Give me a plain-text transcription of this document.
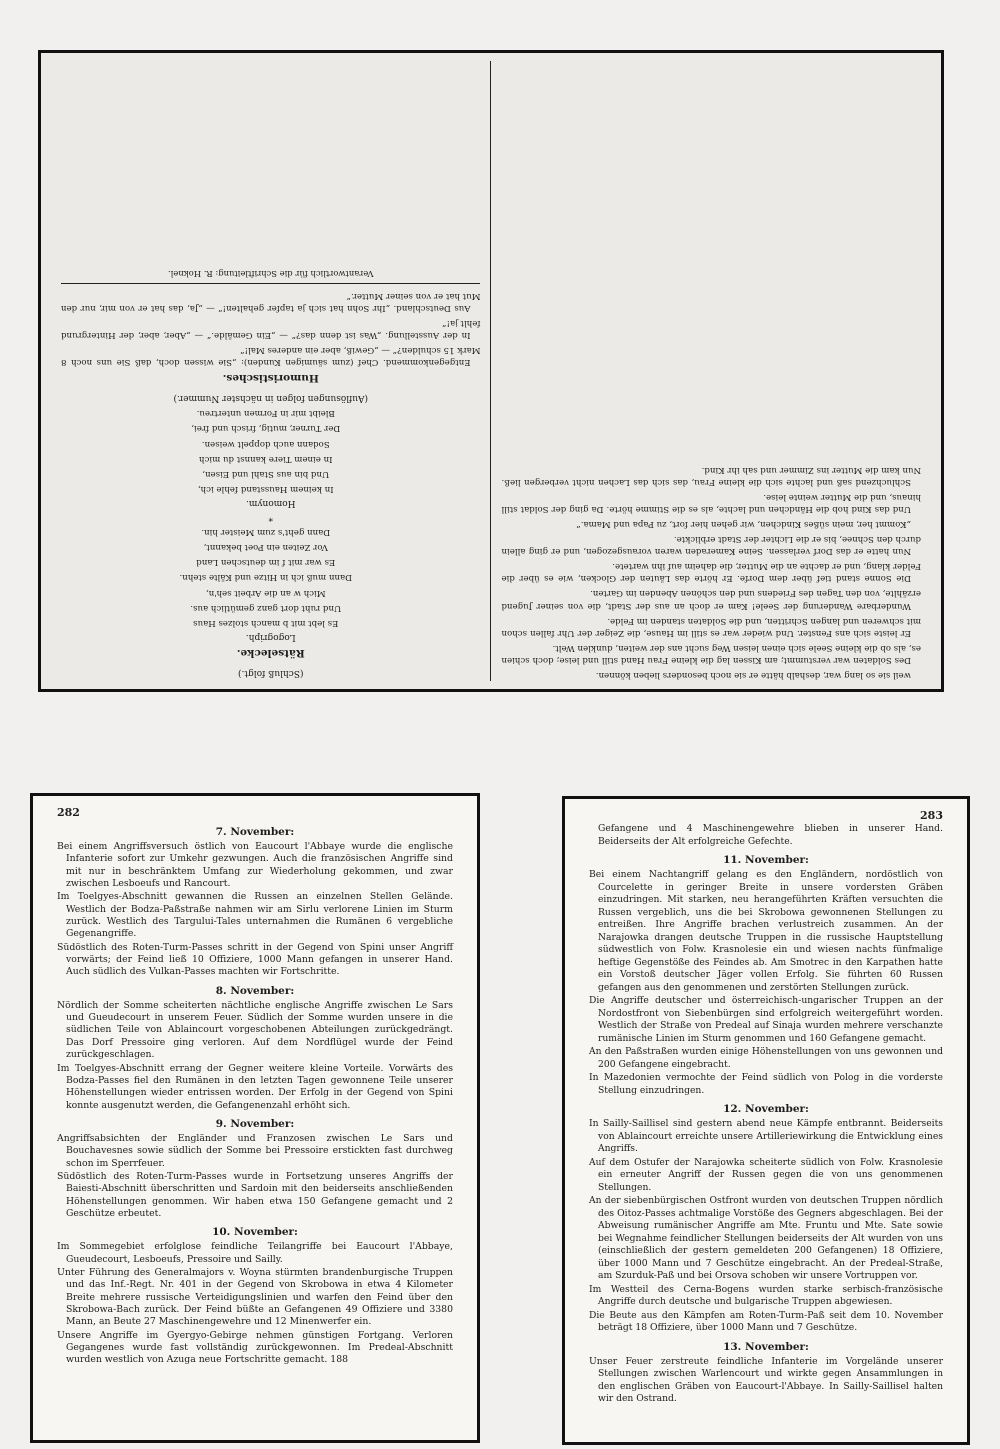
weil sie so lang war, deshalb hätte er sie noch besonders lieben können.

Des Soldaten war verstummt; am Kissen lag die kleine Frau Hand still und leise; doch schien es, als ob die kleine Seele sich einen leisen Weg sucht ans der weiten, dunklen Welt.

Er leiste sich ans Fenster. Und wieder war es still im Hause, die Zeiger der Uhr fallen schon mit schweren und langen Schritten, und die Soldaten standen im Felde.

Wunderbare Wanderung der Seele! Kam er doch an aus der Stadt, die von seiner Jugend erzählte, von den Tagen des Friedens und den schönen Abenden im Garten.

Die Sonne stand tief über dem Dorfe. Er hörte das Läuten der Glocken, wie es über die Felder klang, und er dachte an die Mutter, die daheim auf ihn wartete.

Nun hatte er das Dorf verlassen. Seine Kameraden waren vorausgezogen, und er ging allein durch den Schnee, bis er die Lichter der Stadt erblickte.

„Kommt her, mein süßes Kindchen, wir gehen hier fort, zu Papa und Mama.“

Und das Kind hob die Händchen und lachte, als es die Stimme hörte. Da ging der Soldat still hinaus, und die Mutter weinte leise.

Schluchzend saß und lachte sich die kleine Frau, das sich das Lachen nicht verbergen ließ. Nun kam die Mutter ins Zimmer und sah ihr Kind.

(Schluß folgt.)
Rätselecke.
Logogriph.

Es lebt mit b manch stolzes Haus

Und ruht dort ganz gemütlich aus.

Mich w an die Arbeit seh'n,

Dann muß ich in Hitze und Kälte stehn.

Es war mit f im deutschen Land

Vor Zeiten ein Poet bekannt,

Dann geht's zum Meister hin.

*
Homonym.

In keinem Hausstand fehle ich,

Und bin aus Stahl und Eisen,

In einem Tiere kannst du mich

Sodann auch doppelt weisen.

Der Turner, mutig, frisch und frei,

Bleibt mir in Formen untertreu.

(Auflösungen folgen in nächster Nummer.)
Humoristisches.

Entgegenkommend. Chef (zum säumigen Kunden): „Sie wissen doch, daß Sie uns noch 8 Mark 15 schulden?“ — „Gewiß, aber ein anderes Mal!“

In der Ausstellung. „Was ist denn das?“ — „Ein Gemälde.“ — „Aber, aber, der Hintergrund fehlt ja!“

Aus Deutschland. „Ihr Sohn hat sich ja tapfer gehalten!“ — „Ja, das hat er von mir, nur den Mut hat er von seiner Mutter.“

Verantwortlich für die Schriftleitung: R. Hoknel.
282
7. November:

Bei einem Angriffsversuch östlich von Eaucourt l'Abbaye wurde die englische Infanterie sofort zur Umkehr gezwungen. Auch die französischen Angriffe sind mit nur in beschränktem Umfang zur Wiederholung gekommen, und zwar zwischen Lesboeufs und Rancourt.

Im Toelgyes-Abschnitt gewannen die Russen an einzelnen Stellen Gelände. Westlich der Bodza-Paßstraße nahmen wir am Sirlu verlorene Linien im Sturm zurück. Westlich des Targului-Tales unternahmen die Rumänen 6 vergebliche Gegenangriffe.

Südöstlich des Roten-Turm-Passes schritt in der Gegend von Spini unser Angriff vorwärts; der Feind ließ 10 Offiziere, 1000 Mann gefangen in unserer Hand. Auch südlich des Vulkan-Passes machten wir Fortschritte.

8. November:

Nördlich der Somme scheiterten nächtliche englische Angriffe zwischen Le Sars und Gueudecourt in unserem Feuer. Südlich der Somme wurden unsere in die südlichen Teile von Ablaincourt vorgeschobenen Abteilungen zurückgedrängt. Das Dorf Pressoire ging verloren. Auf dem Nordflügel wurde der Feind zurückgeschlagen.

Im Toelgyes-Abschnitt errang der Gegner weitere kleine Vorteile. Vorwärts des Bodza-Passes fiel den Rumänen in den letzten Tagen gewonnene Teile unserer Höhenstellungen wieder entrissen worden. Der Erfolg in der Gegend von Spini konnte ausgenutzt werden, die Gefangenenzahl erhöht sich.

9. November:

Angriffsabsichten der Engländer und Franzosen zwischen Le Sars und Bouchavesnes sowie südlich der Somme bei Pressoire erstickten fast durchweg schon im Sperrfeuer.

Südöstlich des Roten-Turm-Passes wurde in Fortsetzung unseres Angriffs der Baiesti-Abschnitt überschritten und Sardoin mit den beiderseits anschließenden Höhenstellungen genommen. Wir haben etwa 150 Gefangene gemacht und 2 Geschütze erbeutet.

10. November:

Im Sommegebiet erfolglose feindliche Teilangriffe bei Eaucourt l'Abbaye, Gueudecourt, Lesboeufs, Pressoire und Sailly.

Unter Führung des Generalmajors v. Woyna stürmten brandenburgische Truppen und das Inf.-Regt. Nr. 401 in der Gegend von Skrobowa in etwa 4 Kilometer Breite mehrere russische Verteidigungslinien und warfen den Feind über den Skrobowa-Bach zurück. Der Feind büßte an Gefangenen 49 Offiziere und 3380 Mann, an Beute 27 Maschinengewehre und 12 Minenwerfer ein.

Unsere Angriffe im Gyergyo-Gebirge nehmen günstigen Fortgang. Verloren Gegangenes wurde fast vollständig zurückgewonnen. Im Predeal-Abschnitt wurden westlich von Azuga neue Fortschritte gemacht. 188

283

Gefangene und 4 Maschinengewehre blieben in unserer Hand. Beiderseits der Alt erfolgreiche Gefechte.

11. November:

Bei einem Nachtangriff gelang es den Engländern, nordöstlich von Courcelette in geringer Breite in unsere vordersten Gräben einzudringen. Mit starken, neu herangeführten Kräften versuchten die Russen vergeblich, uns die bei Skrobowa gewonnenen Stellungen zu entreißen. Ihre Angriffe brachen verlustreich zusammen. An der Narajowka drangen deutsche Truppen in die russische Hauptstellung südwestlich von Folw. Krasnolesie ein und wiesen nachts fünfmalige heftige Gegenstöße des Feindes ab. Am Smotrec in den Karpathen hatte ein Vorstoß deutscher Jäger vollen Erfolg. Sie führten 60 Russen gefangen aus den genommenen und zerstörten Stellungen zurück.

Die Angriffe deutscher und österreichisch-ungarischer Truppen an der Nordostfront von Siebenbürgen sind erfolgreich weitergeführt worden. Westlich der Straße von Predeal auf Sinaja wurden mehrere verschanzte rumänische Linien im Sturm genommen und 160 Gefangene gemacht.

An den Paßstraßen wurden einige Höhenstellungen von uns gewonnen und 200 Gefangene eingebracht.

In Mazedonien vermochte der Feind südlich von Polog in die vorderste Stellung einzudringen.

12. November:

In Sailly-Saillisel sind gestern abend neue Kämpfe entbrannt. Beiderseits von Ablaincourt erreichte unsere Artilleriewirkung die Entwicklung eines Angriffs.

Auf dem Ostufer der Narajowka scheiterte südlich von Folw. Krasnolesie ein erneuter Angriff der Russen gegen die von uns genommenen Stellungen.

An der siebenbürgischen Ostfront wurden von deutschen Truppen nördlich des Oitoz-Passes achtmalige Vorstöße des Gegners abgeschlagen. Bei der Abweisung rumänischer Angriffe am Mte. Fruntu und Mte. Sate sowie bei Wegnahme feindlicher Stellungen beiderseits der Alt wurden von uns (einschließlich der gestern gemeldeten 200 Gefangenen) 18 Offiziere, über 1000 Mann und 7 Geschütze eingebracht. An der Predeal-Straße, am Szurduk-Paß und bei Orsova schoben wir unsere Vortruppen vor.

Im Westteil des Cerna-Bogens wurden starke serbisch-französische Angriffe durch deutsche und bulgarische Truppen abgewiesen.

Die Beute aus den Kämpfen am Roten-Turm-Paß seit dem 10. November beträgt 18 Offiziere, über 1000 Mann und 7 Geschütze.

13. November:

Unser Feuer zerstreute feindliche Infanterie im Vorgelände unserer Stellungen zwischen Warlencourt und wirkte gegen Ansammlungen in den englischen Gräben von Eaucourt-l'Abbaye. In Sailly-Saillisel halten wir den Ostrand.
